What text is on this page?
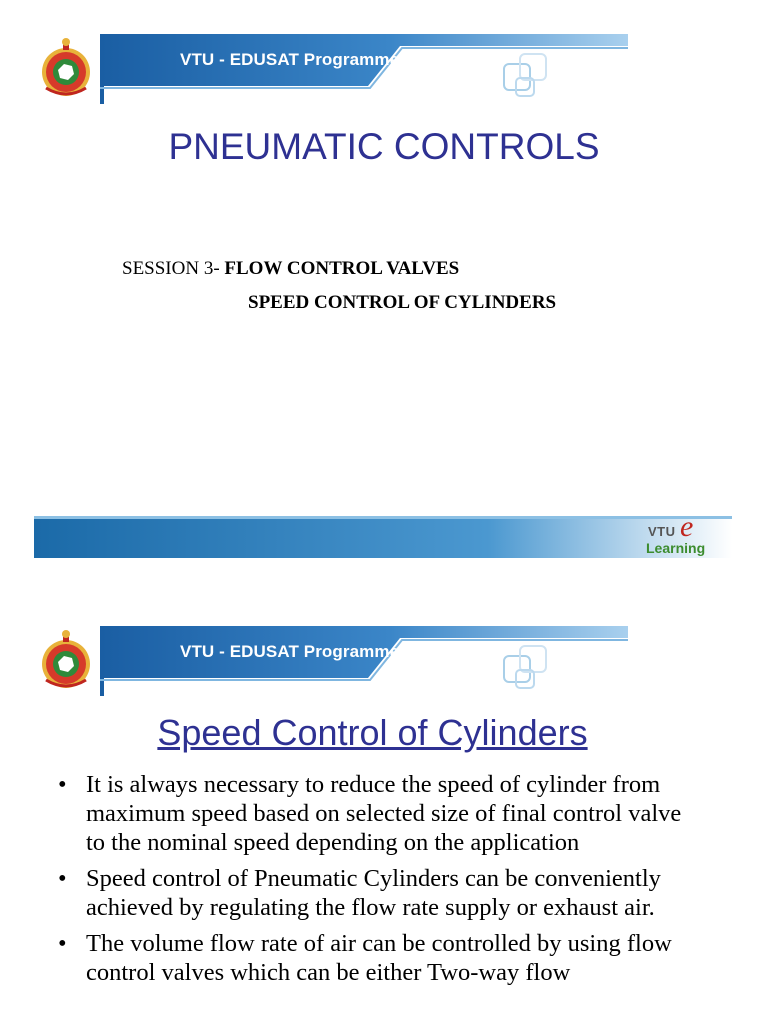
VTU - EDUSAT Programme
PNEUMATIC CONTROLS
SESSION 3- FLOW CONTROL VALVES
SPEED CONTROL OF CYLINDERS
VTU e
Learning
VTU - EDUSAT Programme
Speed Control of Cylinders
• It is always necessary to reduce the speed of cylinder from maximum speed based on selected size of final control valve to the nominal speed depending on the application
• Speed control of Pneumatic Cylinders can be conveniently achieved by regulating the flow rate supply or exhaust air.
• The volume flow rate of air can be controlled by using flow control valves which can be either Two-way flow
